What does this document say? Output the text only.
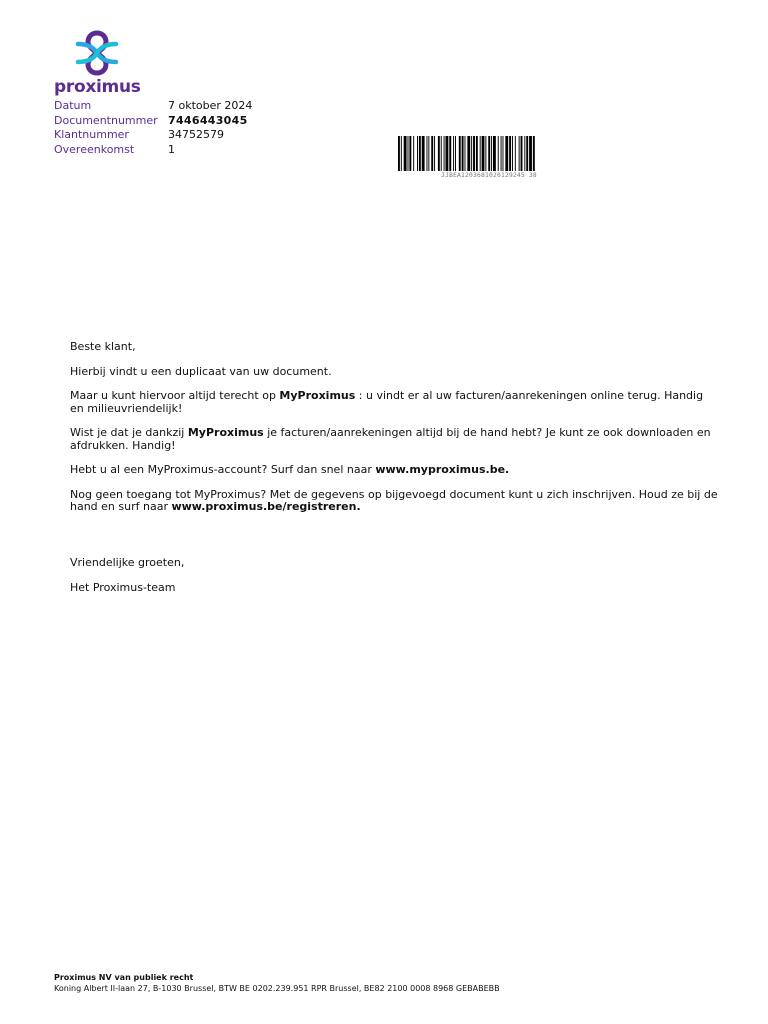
proximus
Datum	7 oktober 2024
Documentnummer 7446443045
Klantnummer	34752579
Overeenkomst	1
JJBEA1203681020129245 38

Beste klant,

Hierbij vindt u een duplicaat van uw document.

Maar u kunt hiervoor altijd terecht op MyProximus : u vindt er al uw facturen/aanrekeningen online terug. Handig en milieuvriendelijk!

Wist je dat je dankzij MyProximus je facturen/aanrekeningen altijd bij de hand hebt? Je kunt ze ook downloaden en afdrukken. Handig!

Hebt u al een MyProximus-account? Surf dan snel naar www.myproximus.be.

Nog geen toegang tot MyProximus? Met de gegevens op bijgevoegd document kunt u zich inschrijven. Houd ze bij de hand en surf naar www.proximus.be/registreren.

Vriendelijke groeten,

Het Proximus-team

Proximus NV van publiek recht
Koning Albert II-laan 27, B-1030 Brussel, BTW BE 0202.239.951 RPR Brussel, BE82 2100 0008 8968 GEBABEBB
